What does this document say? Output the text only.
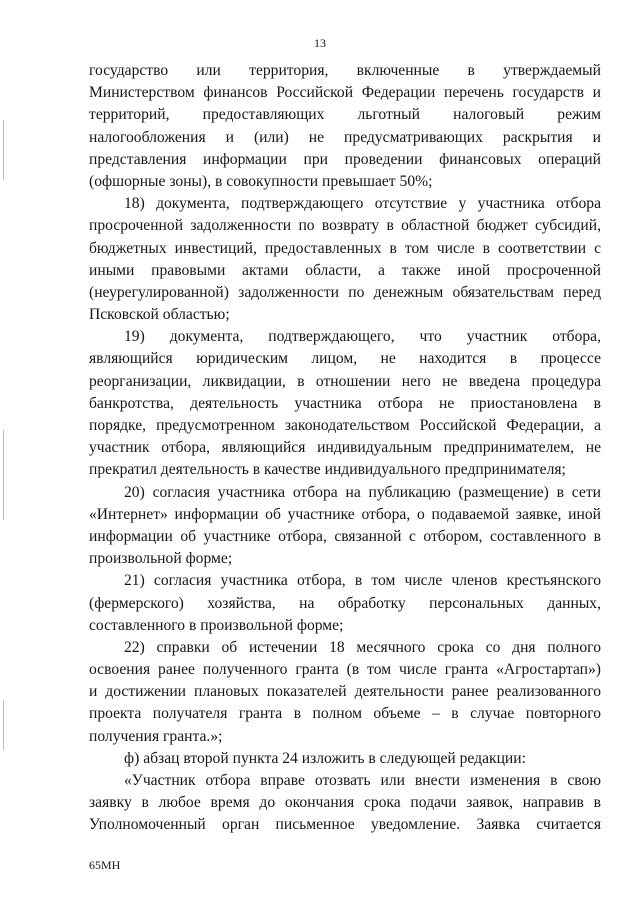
13
государство или территория, включенные в утверждаемый
Министерством финансов Российской Федерации перечень государств и
территорий, предоставляющих льготный налоговый режим
налогообложения и (или) не предусматривающих раскрытия и
представления информации при проведении финансовых операций
(офшорные зоны), в совокупности превышает 50%;
18) документа, подтверждающего отсутствие у участника отбора
просроченной задолженности по возврату в областной бюджет субсидий,
бюджетных инвестиций, предоставленных в том числе в соответствии с
иными правовыми актами области, а также иной просроченной
(неурегулированной) задолженности по денежным обязательствам перед
Псковской областью;
19) документа, подтверждающего, что участник отбора,
являющийся юридическим лицом, не находится в процессе
реорганизации, ликвидации, в отношении него не введена процедура
банкротства, деятельность участника отбора не приостановлена в
порядке, предусмотренном законодательством Российской Федерации, а
участник отбора, являющийся индивидуальным предпринимателем, не
прекратил деятельность в качестве индивидуального предпринимателя;
20) согласия участника отбора на публикацию (размещение) в сети
«Интернет» информации об участнике отбора, о подаваемой заявке, иной
информации об участнике отбора, связанной с отбором, составленного в
произвольной форме;
21) согласия участника отбора, в том числе членов крестьянского
(фермерского) хозяйства, на обработку персональных данных,
составленного в произвольной форме;
22) справки об истечении 18 месячного срока со дня полного
освоения ранее полученного гранта (в том числе гранта «Агростартап»)
и достижении плановых показателей деятельности ранее реализованного
проекта получателя гранта в полном объеме – в случае повторного
получения гранта.»;
ф) абзац второй пункта 24 изложить в следующей редакции:
«Участник отбора вправе отозвать или внести изменения в свою
заявку в любое время до окончания срока подачи заявок, направив в
Уполномоченный орган письменное уведомление. Заявка считается
65МН
